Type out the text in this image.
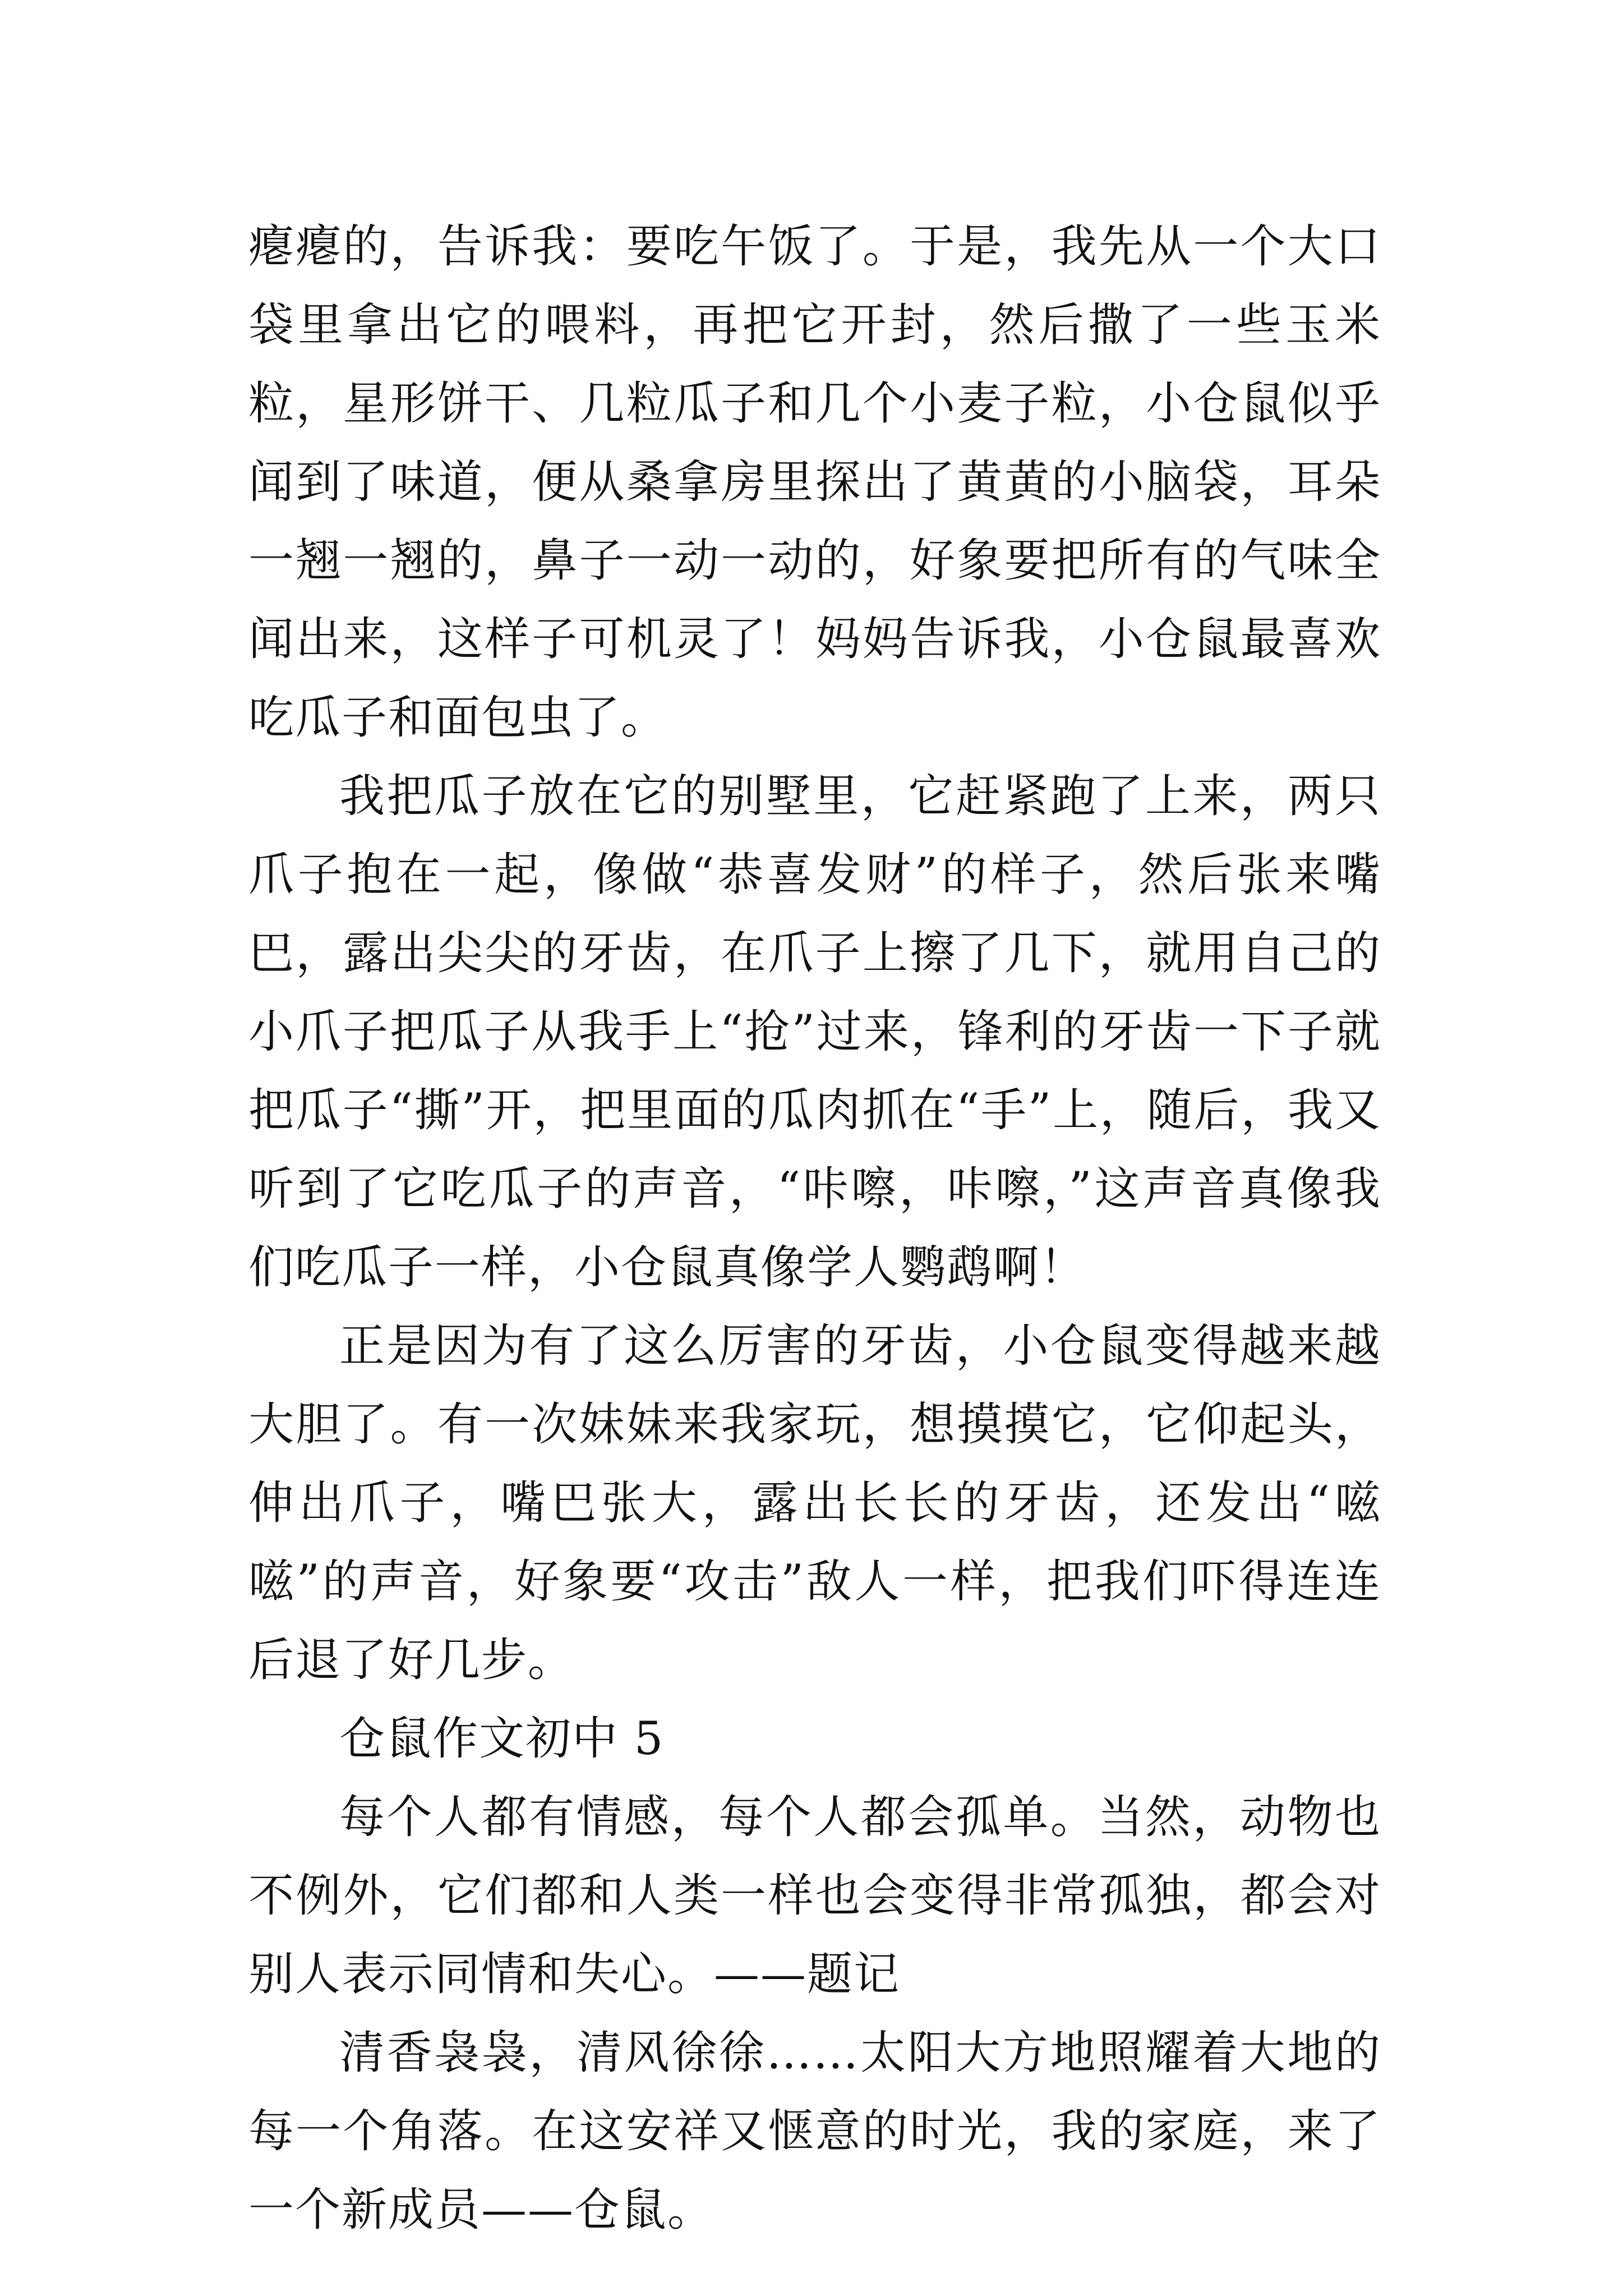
瘪瘪的，告诉我：要吃午饭了。于是，我先从一个大口袋里拿出它的喂料，再把它开封，然后撒了一些玉米粒，星形饼干、几粒瓜子和几个小麦子粒，小仓鼠似乎闻到了味道，便从桑拿房里探出了黄黄的小脑袋，耳朵一翘一翘的，鼻子一动一动的，好象要把所有的气味全闻出来，这样子可机灵了！妈妈告诉我，小仓鼠最喜欢吃瓜子和面包虫了。

我把瓜子放在它的别墅里，它赶紧跑了上来，两只爪子抱在一起，像做“恭喜发财”的样子，然后张来嘴巴，露出尖尖的牙齿，在爪子上擦了几下，就用自己的小爪子把瓜子从我手上“抢”过来，锋利的牙齿一下子就把瓜子“撕”开，把里面的瓜肉抓在“手”上，随后，我又听到了它吃瓜子的声音，“咔嚓，咔嚓，”这声音真像我们吃瓜子一样，小仓鼠真像学人鹦鹉啊！

正是因为有了这么厉害的牙齿，小仓鼠变得越来越大胆了。有一次妹妹来我家玩，想摸摸它，它仰起头，伸出爪子，嘴巴张大，露出长长的牙齿，还发出“嗞嗞”的声音，好象要“攻击”敌人一样，把我们吓得连连后退了好几步。

仓鼠作文初中 5

每个人都有情感，每个人都会孤单。当然，动物也不例外，它们都和人类一样也会变得非常孤独，都会对别人表示同情和失心。——题记

清香袅袅，清风徐徐……太阳大方地照耀着大地的每一个角落。在这安祥又惬意的时光，我的家庭，来了一个新成员——仓鼠。
